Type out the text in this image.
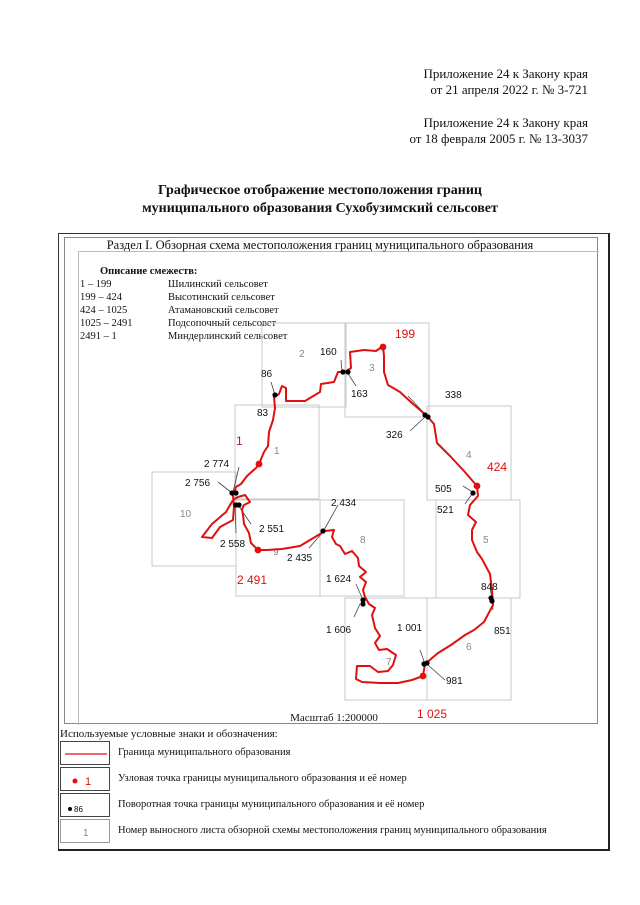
Приложение 24 к Закону края
от 21 апреля 2022 г. № 3-721
Приложение 24 к Закону края
от 18 февраля 2005 г. № 13-3037
Графическое отображение местоположения границ
муниципального образования Сухобузимский сельсовет
Раздел I. Обзорная схема местоположения границ муниципального образования
Описание смежеств:
1 – 199	Шилинский сельсовет
199 – 424	Высотинский сельсовет
424 – 1025	Атамановский сельсовет
1025 – 2491	Подсопочный сельсовет
2491 – 1	Миндерлинский сельсовет
1
2
3
4
5
6
7
8
9
10
1
199
424
1 025
2 491
83
86
160
163	338
326
505
521
848
851
1 001
981
1 624
1 606
2 434
2 435
2 551
2 558
2 774
2 756
Масштаб 1:200000
Используемые условные знаки и обозначения:
Граница муниципального образования
1	Узловая точка границы муниципального образования и её номер
86	Поворотная точка границы муниципального образования и её номер
1	Номер выносного листа обзорной схемы местоположения границ муниципального образования
